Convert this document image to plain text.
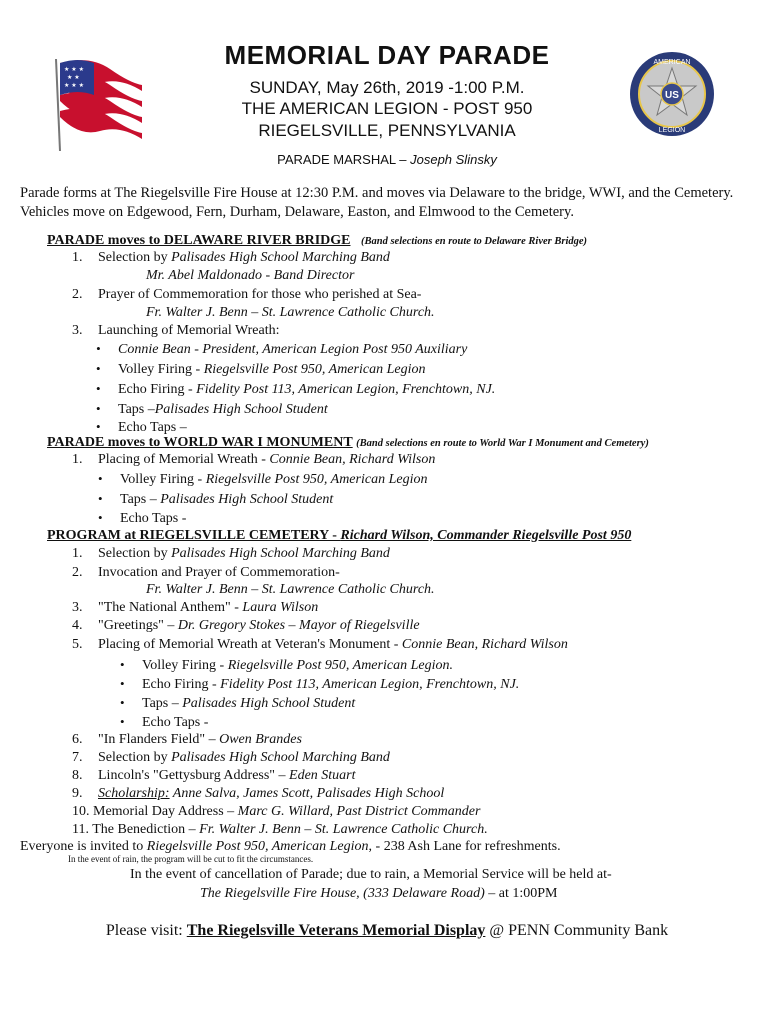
★ ★ ★
★ ★
★ ★ ★
US
AMERICAN
LEGION
MEMORIAL DAY PARADE
SUNDAY, May 26th, 2019 -1:00 P.M.
THE AMERICAN LEGION - POST 950
RIEGELSVILLE, PENNSYLVANIA
PARADE MARSHAL – Joseph Slinsky
Parade forms at The Riegelsville Fire House at 12:30 P.M. and moves via Delaware to the bridge, WWI, and the Cemetery. Vehicles move on Edgewood, Fern, Durham, Delaware, Easton, and Elmwood to the Cemetery.
PARADE moves to DELAWARE RIVER BRIDGE (Band selections en route to Delaware River Bridge)
1. Selection by Palisades High School Marching Band
Mr. Abel Maldonado - Band Director
2. Prayer of Commemoration for those who perished at Sea-
Fr. Walter J. Benn – St. Lawrence Catholic Church.
3. Launching of Memorial Wreath:
• Connie Bean - President, American Legion Post 950 Auxiliary
• Volley Firing - Riegelsville Post 950, American Legion
• Echo Firing - Fidelity Post 113, American Legion, Frenchtown, NJ.
• Taps –Palisades High School Student
• Echo Taps –
PARADE moves to WORLD WAR I MONUMENT (Band selections en route to World War I Monument and Cemetery)
1. Placing of Memorial Wreath - Connie Bean, Richard Wilson
• Volley Firing - Riegelsville Post 950, American Legion
• Taps – Palisades High School Student
• Echo Taps -
PROGRAM at RIEGELSVILLE CEMETERY - Richard Wilson, Commander Riegelsville Post 950
1. Selection by Palisades High School Marching Band
2. Invocation and Prayer of Commemoration-
Fr. Walter J. Benn – St. Lawrence Catholic Church.
3. "The National Anthem" - Laura Wilson
4. "Greetings" – Dr. Gregory Stokes – Mayor of Riegelsville
5. Placing of Memorial Wreath at Veteran's Monument - Connie Bean, Richard Wilson
• Volley Firing - Riegelsville Post 950, American Legion.
• Echo Firing - Fidelity Post 113, American Legion, Frenchtown, NJ.
• Taps – Palisades High School Student
• Echo Taps -
6. "In Flanders Field" – Owen Brandes
7. Selection by Palisades High School Marching Band
8. Lincoln's "Gettysburg Address" – Eden Stuart
9. Scholarship: Anne Salva, James Scott, Palisades High School
10. Memorial Day Address – Marc G. Willard, Past District Commander
11. The Benediction – Fr. Walter J. Benn – St. Lawrence Catholic Church.
Everyone is invited to Riegelsville Post 950, American Legion, - 238 Ash Lane for refreshments.
In the event of rain, the program will be cut to fit the circumstances.
In the event of cancellation of Parade; due to rain, a Memorial Service will be held at-
The Riegelsville Fire House, (333 Delaware Road) – at 1:00PM
Please visit: The Riegelsville Veterans Memorial Display @ PENN Community Bank
